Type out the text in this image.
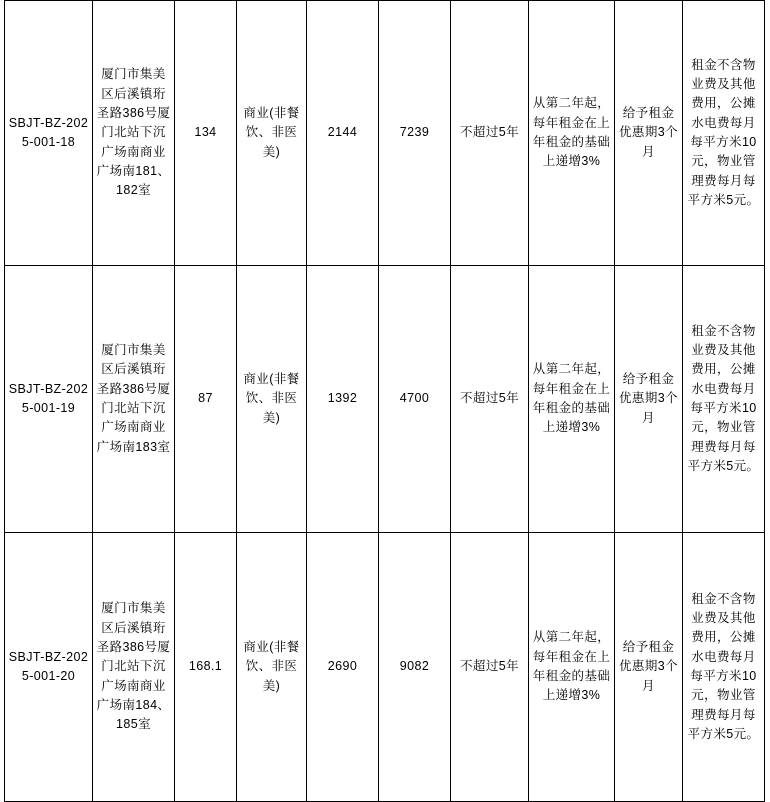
SBJT-BZ-2025-001-18	厦门市集美区后溪镇珩圣路386号厦门北站下沉广场南商业广场南181、182室	134	商业(非餐饮、非医美)	2144	7239	不超过5年	从第二年起，每年租金在上年租金的基础上递增3%	给予租金优惠期3个月	租金不含物业费及其他费用，公摊水电费每月每平方米10元，物业管理费每月每平方米5元。
SBJT-BZ-2025-001-19	厦门市集美区后溪镇珩圣路386号厦门北站下沉广场南商业广场南183室	87	商业(非餐饮、非医美)	1392	4700	不超过5年	从第二年起，每年租金在上年租金的基础上递增3%	给予租金优惠期3个月	租金不含物业费及其他费用，公摊水电费每月每平方米10元，物业管理费每月每平方米5元。
SBJT-BZ-2025-001-20	厦门市集美区后溪镇珩圣路386号厦门北站下沉广场南商业广场南184、185室	168.1	商业(非餐饮、非医美)	2690	9082	不超过5年	从第二年起，每年租金在上年租金的基础上递增3%	给予租金优惠期3个月	租金不含物业费及其他费用，公摊水电费每月每平方米10元，物业管理费每月每平方米5元。
